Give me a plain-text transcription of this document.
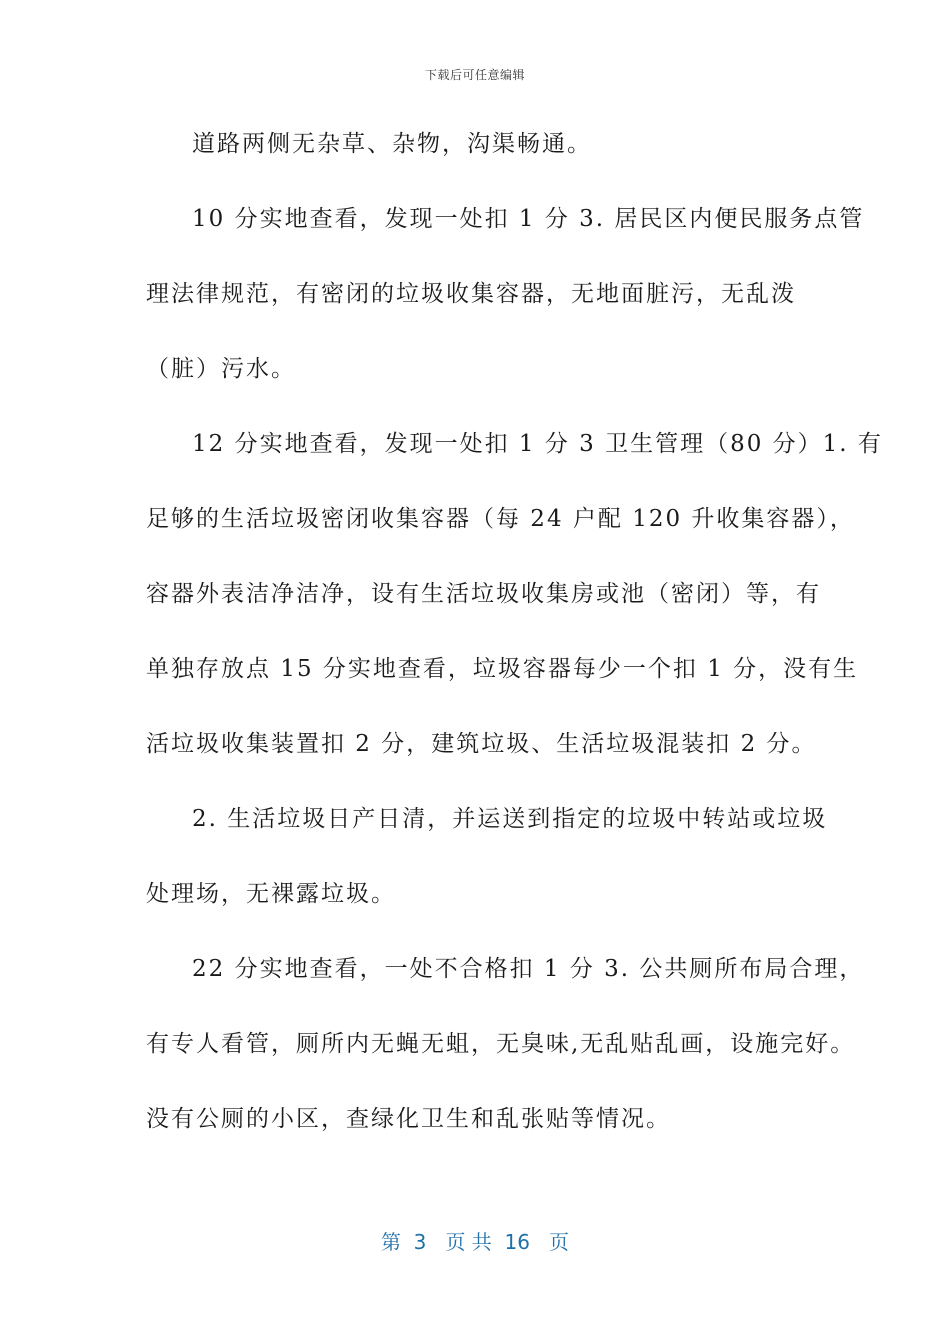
下载后可任意编辑
道路两侧无杂草、杂物，沟渠畅通。
10 分实地查看，发现一处扣 1 分 3. 居民区内便民服务点管
理法律规范，有密闭的垃圾收集容器，无地面脏污，无乱泼
（脏）污水。
12 分实地查看，发现一处扣 1 分 3 卫生管理（80 分）1. 有
足够的生活垃圾密闭收集容器（每 24 户配 120 升收集容器），
容器外表洁净洁净，设有生活垃圾收集房或池（密闭）等，有
单独存放点 15 分实地查看，垃圾容器每少一个扣 1 分，没有生
活垃圾收集装置扣 2 分，建筑垃圾、生活垃圾混装扣 2 分。
2. 生活垃圾日产日清，并运送到指定的垃圾中转站或垃圾
处理场，无裸露垃圾。
22 分实地查看，一处不合格扣 1 分 3. 公共厕所布局合理，
有专人看管，厕所内无蝇无蛆，无臭味,无乱贴乱画，设施完好。
没有公厕的小区，查绿化卫生和乱张贴等情况。
第  3   页 共  16   页
